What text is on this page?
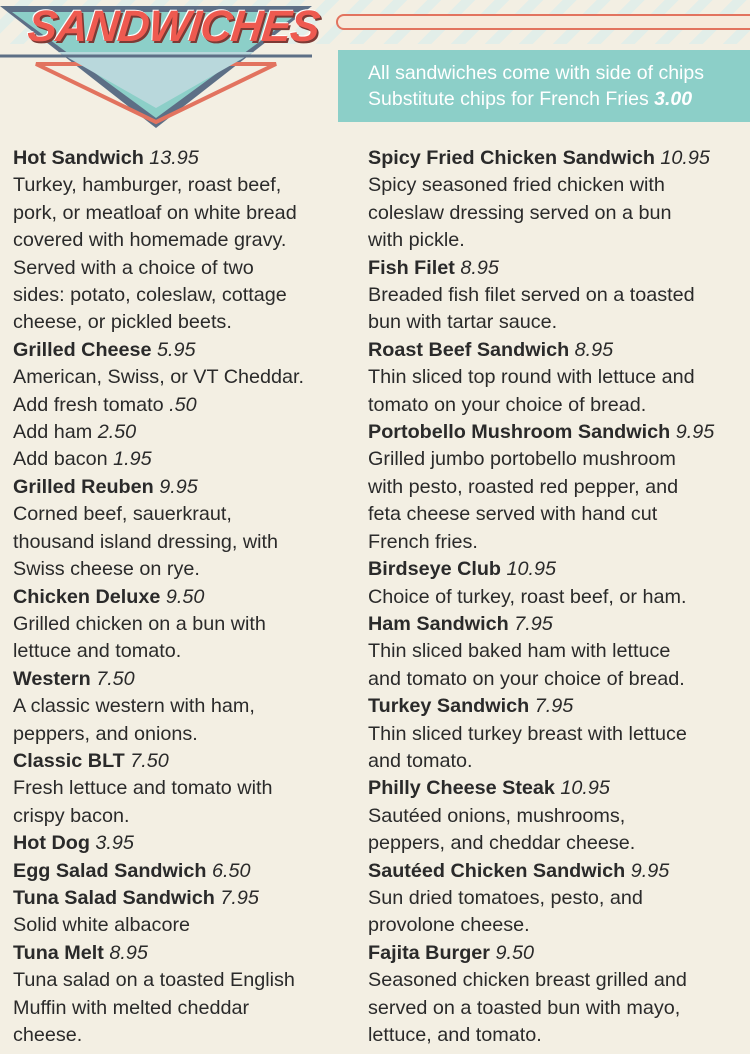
SANDWICHES
All sandwiches come with side of chips
Substitute chips for French Fries 3.00
Hot Sandwich 13.95
Turkey, hamburger, roast beef,
pork, or meatloaf on white bread
covered with homemade gravy.
Served with a choice of two
sides: potato, coleslaw, cottage
cheese, or pickled beets.
Grilled Cheese 5.95
American, Swiss, or VT Cheddar.
Add fresh tomato .50
Add ham 2.50
Add bacon 1.95
Grilled Reuben 9.95
Corned beef, sauerkraut,
thousand island dressing, with
Swiss cheese on rye.
Chicken Deluxe 9.50
Grilled chicken on a bun with
lettuce and tomato.
Western 7.50
A classic western with ham,
peppers, and onions.
Classic BLT 7.50
Fresh lettuce and tomato with
crispy bacon.
Hot Dog 3.95
Egg Salad Sandwich 6.50
Tuna Salad Sandwich 7.95
Solid white albacore
Tuna Melt 8.95
Tuna salad on a toasted English
Muffin with melted cheddar
cheese.
Spicy Fried Chicken Sandwich 10.95
Spicy seasoned fried chicken with
coleslaw dressing served on a bun
with pickle.
Fish Filet 8.95
Breaded fish filet served on a toasted
bun with tartar sauce.
Roast Beef Sandwich 8.95
Thin sliced top round with lettuce and
tomato on your choice of bread.
Portobello Mushroom Sandwich 9.95
Grilled jumbo portobello mushroom
with pesto, roasted red pepper, and
feta cheese served with hand cut
French fries.
Birdseye Club 10.95
Choice of turkey, roast beef, or ham.
Ham Sandwich 7.95
Thin sliced baked ham with lettuce
and tomato on your choice of bread.
Turkey Sandwich 7.95
Thin sliced turkey breast with lettuce
and tomato.
Philly Cheese Steak 10.95
Sautéed onions, mushrooms,
peppers, and cheddar cheese.
Sautéed Chicken Sandwich 9.95
Sun dried tomatoes, pesto, and
provolone cheese.
Fajita Burger 9.50
Seasoned chicken breast grilled and
served on a toasted bun with mayo,
lettuce, and tomato.
